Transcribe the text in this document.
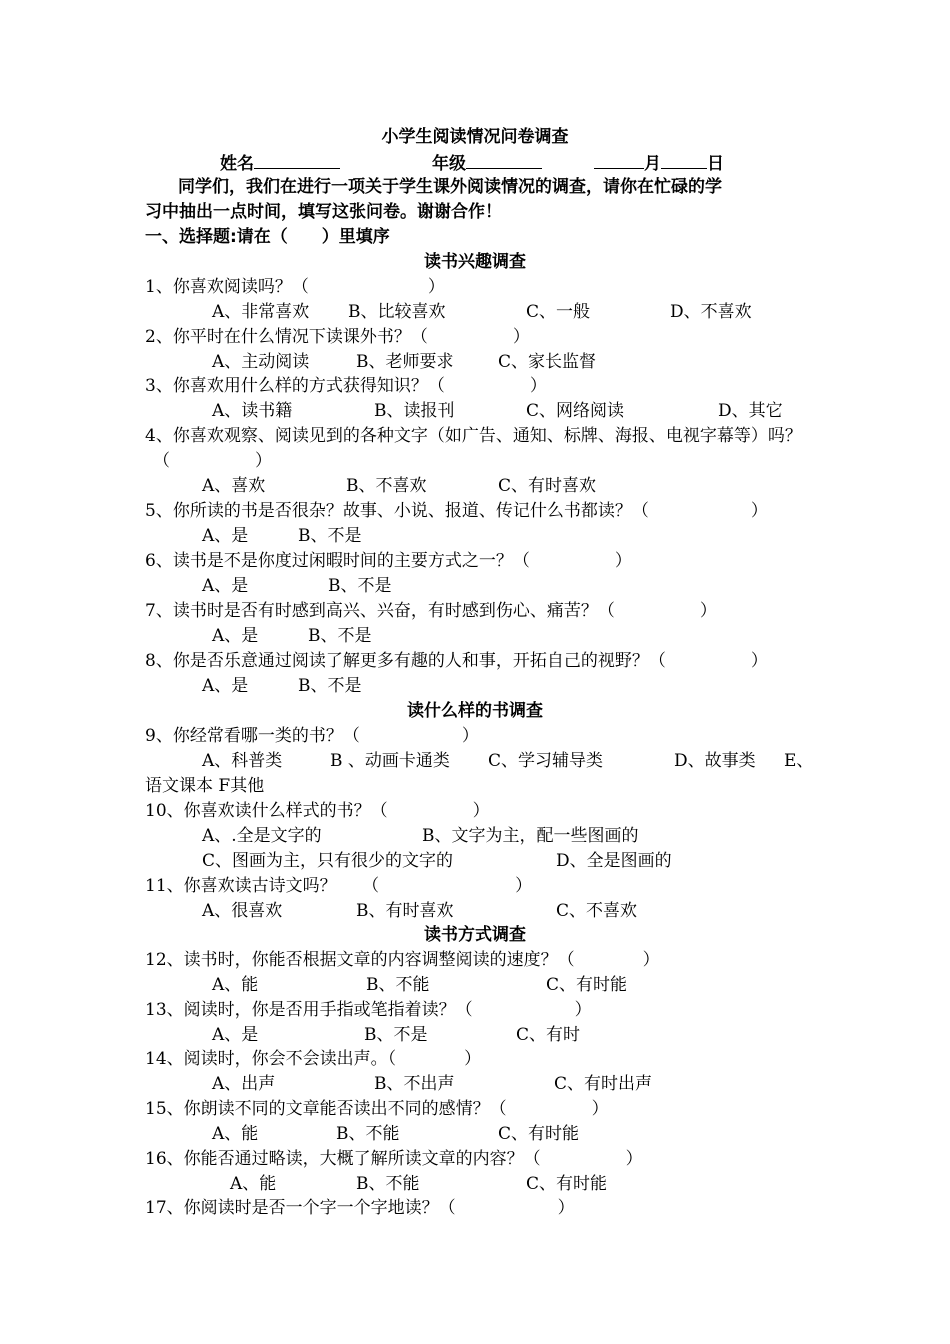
小学生阅读情况问卷调查

姓名

	年级

	月	日

同学们，我们在进行一项关于学生课外阅读情况的调查，请你在忙碌的学
习中抽出一点时间，填写这张问卷。谢谢合作！
一、选择题:请在（　　）里填序
读书兴趣调查
1、你喜欢阅读吗？（　　　　　　　）

A、非常喜欢

B、比较喜欢

	C、一般

	D、不喜欢

2、你平时在什么情况下读课外书？（　　　　　）

A、主动阅读

	B、老师要求

	C、家长监督

3、你喜欢用什么样的方式获得知识？（　　　　　）

A、读书籍

	B、读报刊

	C、网络阅读

	D、其它

4、你喜欢观察、阅读见到的各种文字（如广告、通知、标牌、海报、电视字幕等）吗？
（　　　　　）

A、喜欢

	B、不喜欢

	C、有时喜欢

5、你所读的书是否很杂？故事、小说、报道、传记什么书都读？（　　　　　　）

A、是

	B、不是

6、读书是不是你度过闲暇时间的主要方式之一？（　　　　　）

A、是

	B、不是

7、读书时是否有时感到高兴、兴奋，有时感到伤心、痛苦？（　　　　　）

A、是

	B、不是

8、你是否乐意通过阅读了解更多有趣的人和事，开拓自己的视野？（　　　　　）

A、是

	B、不是

读什么样的书调查
9、你经常看哪一类的书？（　　　　　　）

A、科普类

	B 、动画卡通类

C、学习辅导类

	D、故事类

E、

语文课本 F其他
10、你喜欢读什么样式的书？（　　　　　）

A、.全是文字的

	B、文字为主，配一些图画的

C、图画为主，只有很少的文字的

	D、全是图画的

11、你喜欢读古诗文吗？　　（　　　　　　　　）

A、很喜欢

	B、有时喜欢

	C、不喜欢

读书方式调查
12、读书时，你能否根据文章的内容调整阅读的速度？（　　　　）

A、能

	B、不能

	C、有时能

13、阅读时，你是否用手指或笔指着读？（　　　　　　）

A、是

	B、不是

	C、有时

14、阅读时，你会不会读出声。（　　　　）

A、出声

	B、不出声

	C、有时出声

15、你朗读不同的文章能否读出不同的感情？（　　　　　）

A、能

	B、不能

	C、有时能

16、你能否通过略读，大概了解所读文章的内容？（　　　　　）

A、能

	B、不能

	C、有时能

17、你阅读时是否一个字一个字地读？（　　　　　　）
